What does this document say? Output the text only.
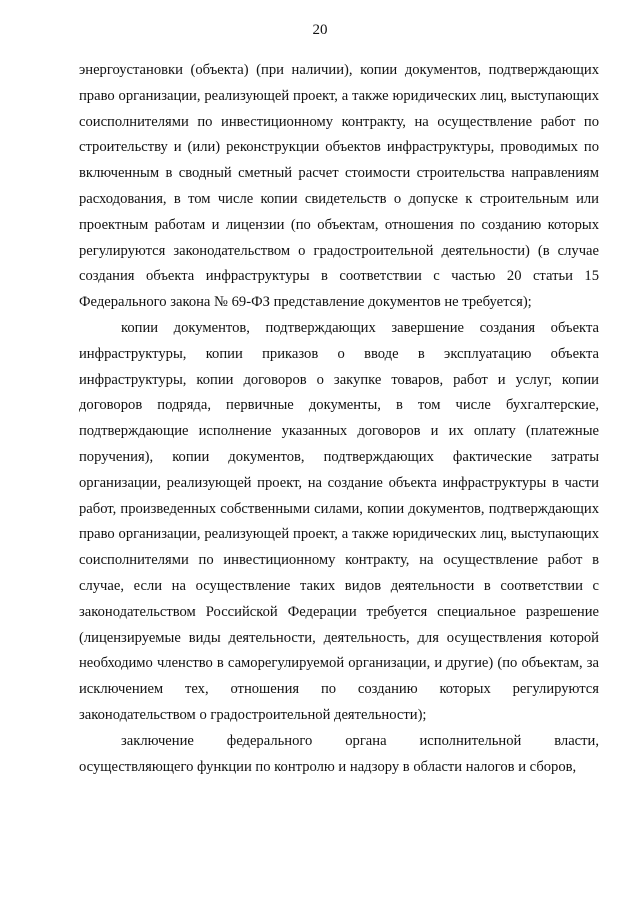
20

энергоустановки (объекта) (при наличии), копии документов, подтверждающих право организации, реализующей проект, а также юридических лиц, выступающих соисполнителями по инвестиционному контракту, на осуществление работ по строительству и (или) реконструкции объектов инфраструктуры, проводимых по включенным в сводный сметный расчет стоимости строительства направлениям расходования, в том числе копии свидетельств о допуске к строительным или проектным работам и лицензии (по объектам, отношения по созданию которых регулируются законодательством о градостроительной деятельности) (в случае создания объекта инфраструктуры в соответствии с частью 20 статьи 15 Федерального закона № 69-ФЗ представление документов не требуется);

копии документов, подтверждающих завершение создания объекта инфраструктуры, копии приказов о вводе в эксплуатацию объекта инфраструктуры, копии договоров о закупке товаров, работ и услуг, копии договоров подряда, первичные документы, в том числе бухгалтерские, подтверждающие исполнение указанных договоров и их оплату (платежные поручения), копии документов, подтверждающих фактические затраты организации, реализующей проект, на создание объекта инфраструктуры в части работ, произведенных собственными силами, копии документов, подтверждающих право организации, реализующей проект, а также юридических лиц, выступающих соисполнителями по инвестиционному контракту, на осуществление работ в случае, если на осуществление таких видов деятельности в соответствии с законодательством Российской Федерации требуется специальное разрешение (лицензируемые виды деятельности, деятельность, для осуществления которой необходимо членство в саморегулируемой организации, и другие) (по объектам, за исключением тех, отношения по созданию которых регулируются законодательством о градостроительной деятельности);

заключение федерального органа исполнительной власти, осуществляющего функции по контролю и надзору в области налогов и сборов,
